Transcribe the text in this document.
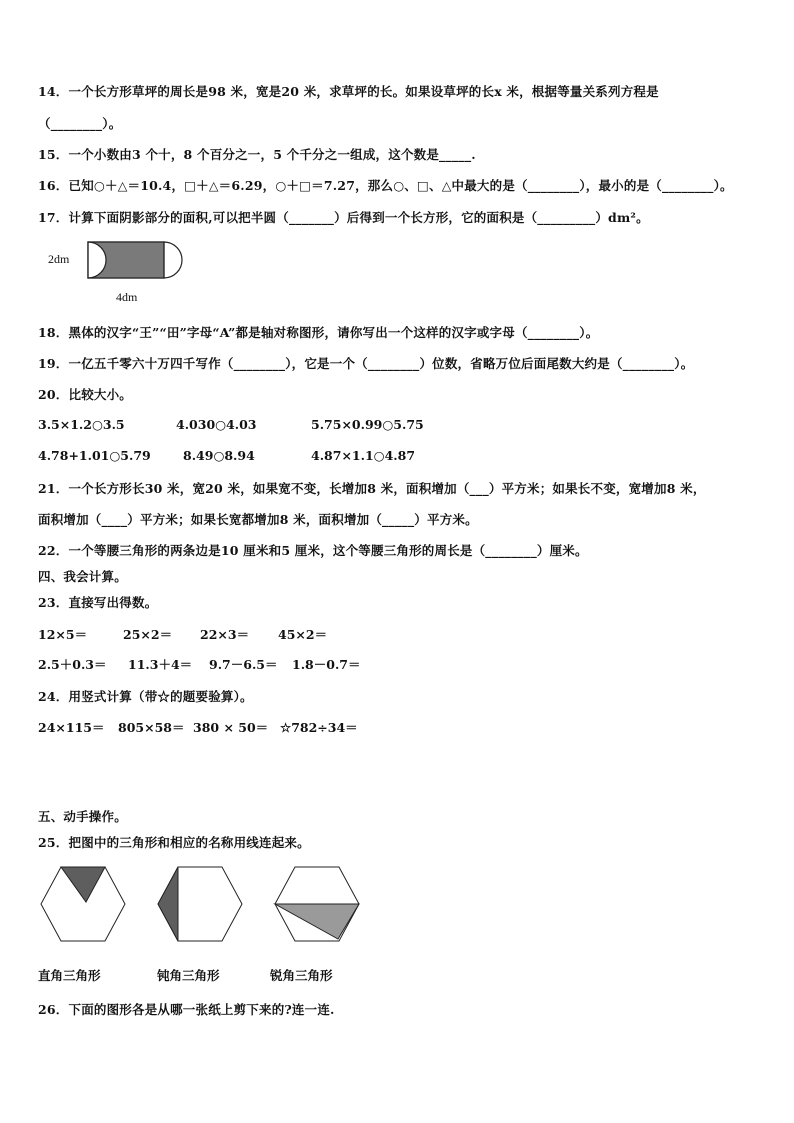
14．一个长方形草坪的周长是98 米，宽是20 米，求草坪的长。如果设草坪的长x 米，根据等量关系列方程是
（________）。
15．一个小数由3 个十，8 个百分之一，5 个千分之一组成，这个数是_____.
16．已知○＋△＝10.4，□＋△＝6.29，○＋□＝7.27，那么○、□、△中最大的是（________），最小的是（________）。
17．计算下面阴影部分的面积,可以把半圆（_______）后得到一个长方形，它的面积是（_________）dm²。
2dm
4dm
18．黑体的汉字“王”“田”字母“A”都是轴对称图形，请你写出一个这样的汉字或字母（________）。
19．一亿五千零六十万四千写作（________），它是一个（________）位数，省略万位后面尾数大约是（________）。
20．比较大小。
3.5×1.2○3.5	4.030○4.03	5.75×0.99○5.75
4.78+1.01○5.79	8.49○8.94	4.87×1.1○4.87
21．一个长方形长30 米，宽20 米，如果宽不变，长增加8 米，面积增加（___）平方米；如果长不变，宽增加8 米，
面积增加（____）平方米；如果长宽都增加8 米，面积增加（_____）平方米。
22．一个等腰三角形的两条边是10 厘米和5 厘米，这个等腰三角形的周长是（________）厘米。
四、我会计算。
23．直接写出得数。
12×5＝	25×2＝ 22×3＝ 45×2＝
2.5＋0.3＝ 11.3＋4＝ 9.7－6.5＝ 1.8－0.7＝
24．用竖式计算（带☆的题要验算）。
24×115＝ 805×58＝ 380 × 50＝ ☆782÷34＝
五、动手操作。
25．把图中的三角形和相应的名称用线连起来。
直角三角形	钝角三角形	锐角三角形
26．下面的图形各是从哪一张纸上剪下来的?连一连.
